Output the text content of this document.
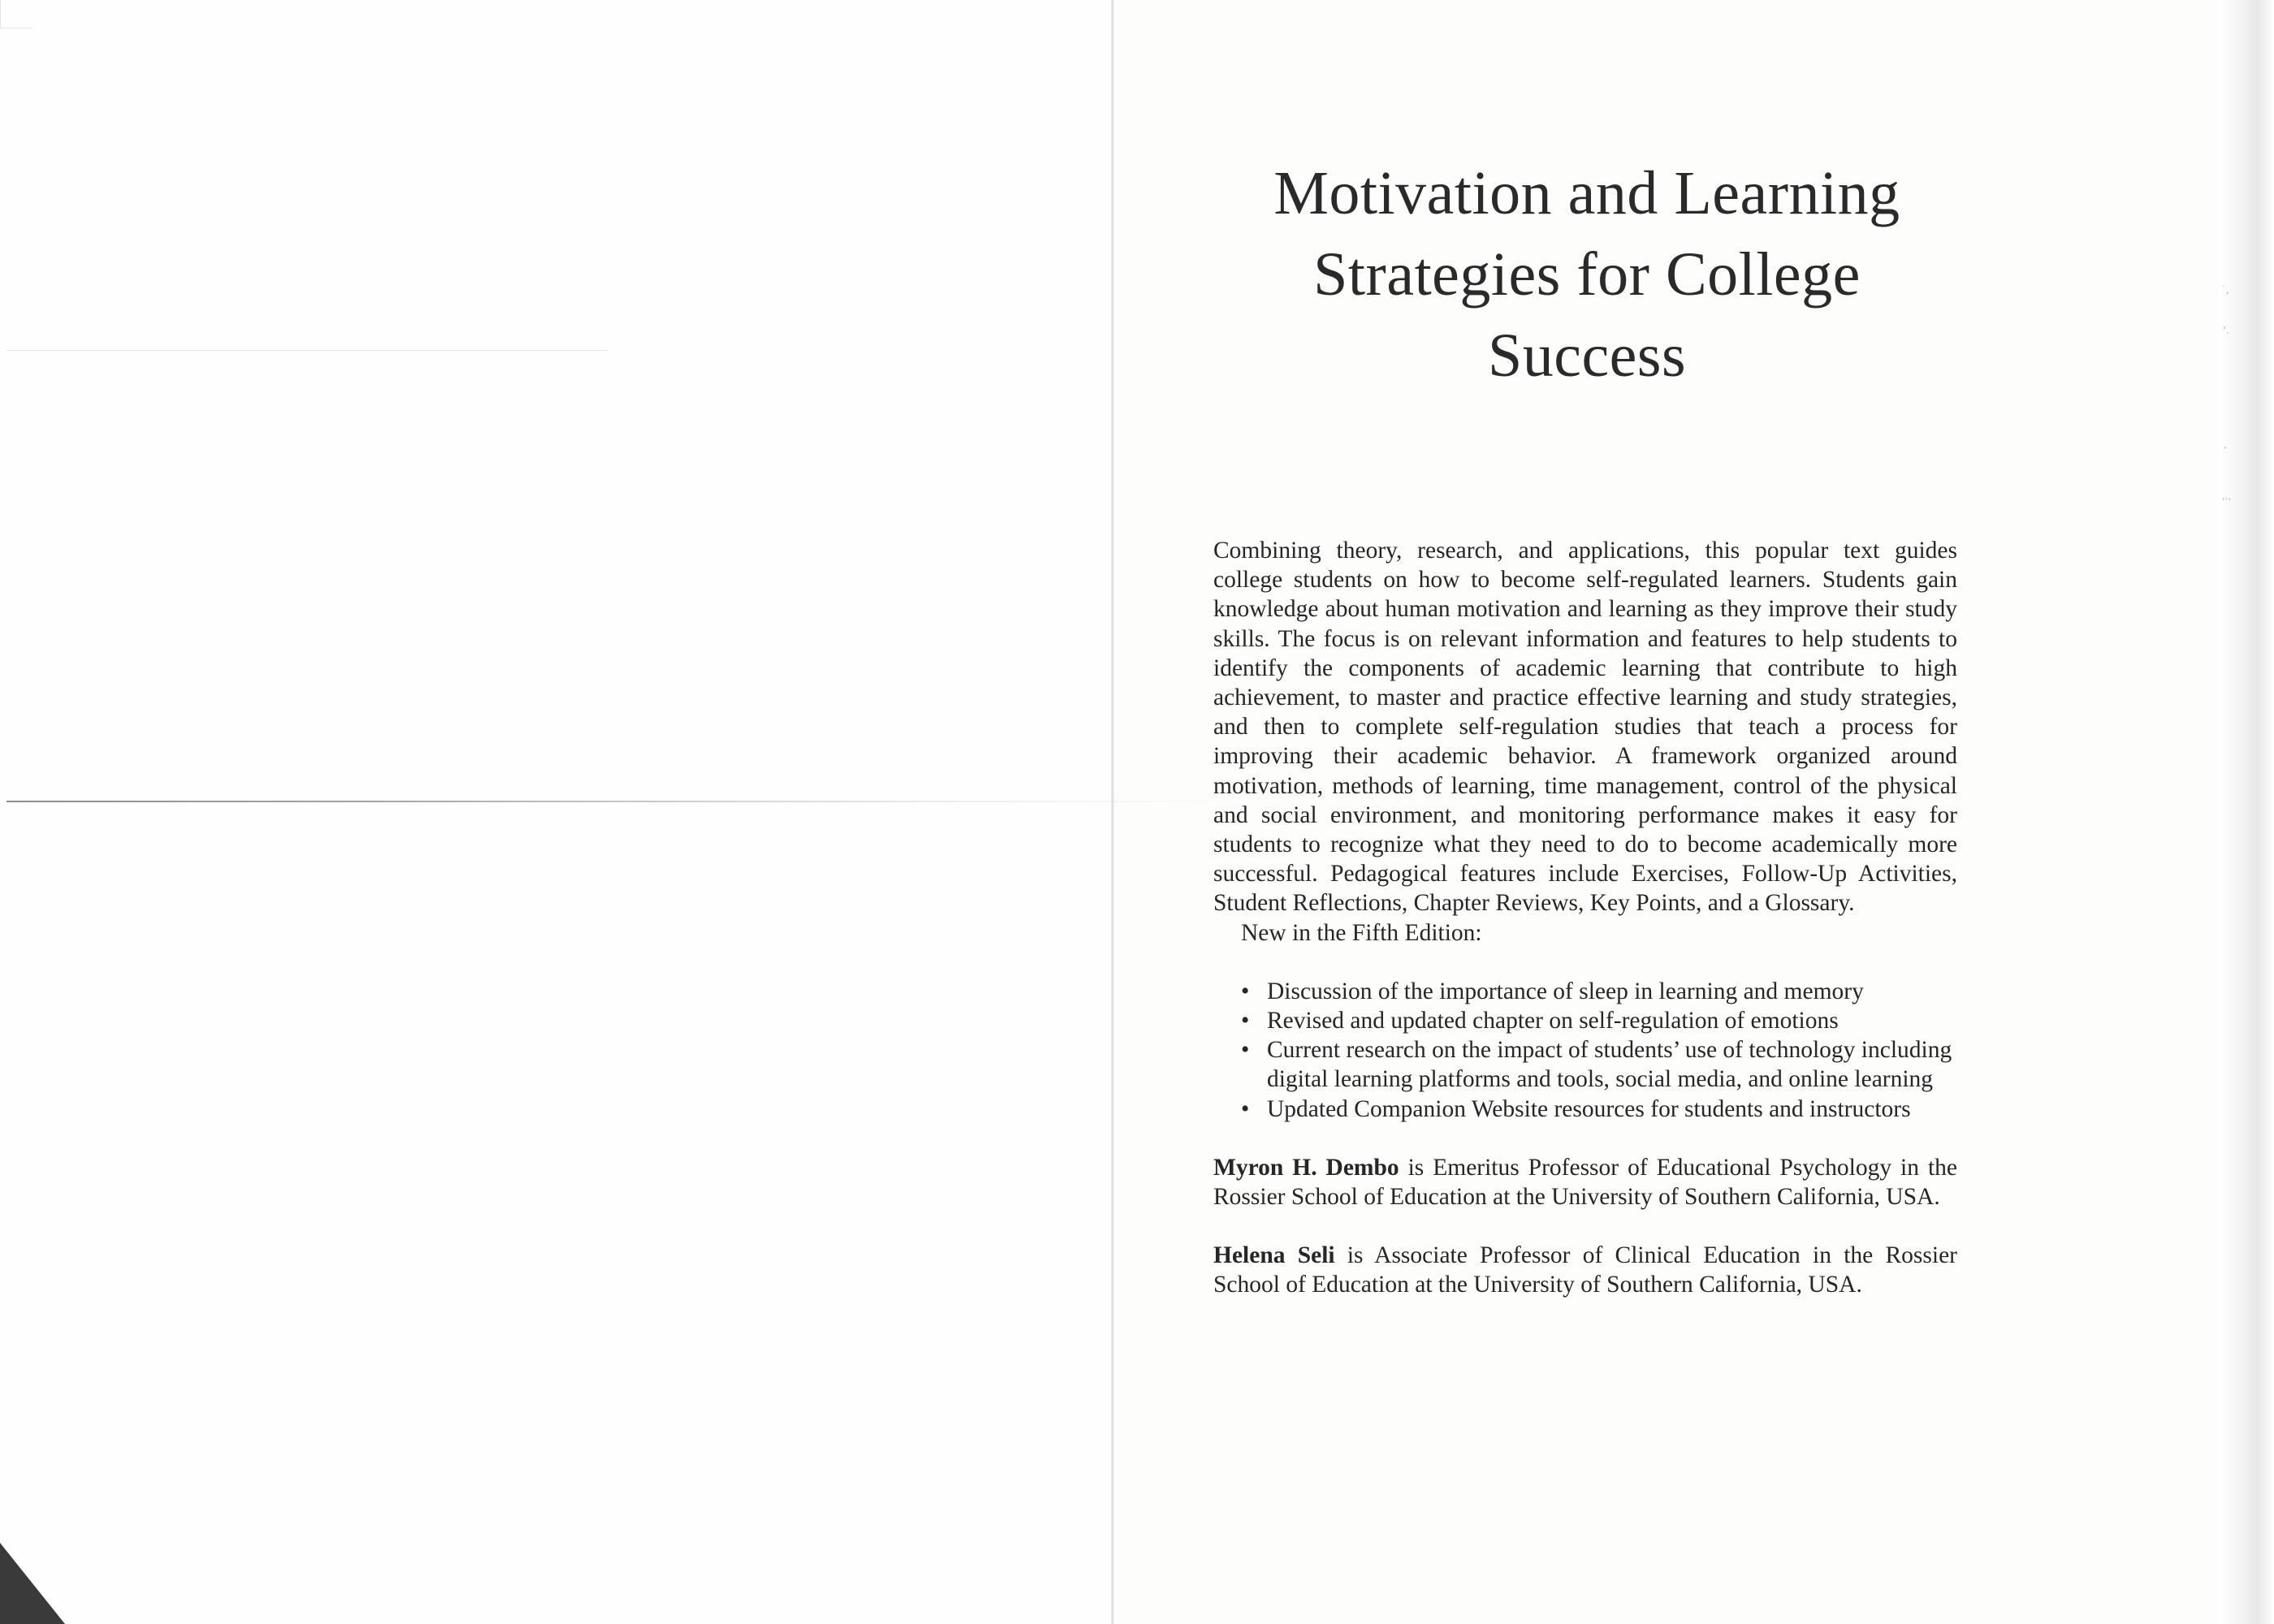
˙,
‘.
’
,.,
Motivation and Learning
Strategies for College Success

Combining theory, research, and applications, this popular text guides college students on how to become self-regulated learners. Students gain knowledge about human motivation and learning as they improve their study skills. The focus is on relevant information and features to help students to identify the components of academic learning that contribute to high achievement, to master and practice effective learning and study strategies, and then to complete self-regulation studies that teach a process for improving their academic behavior. A framework organized around motivation, methods of learning, time management, control of the physical and social environment, and monitoring performance makes it easy for students to recognize what they need to do to become academically more successful. Pedagogical features include Exercises, Follow-Up Activities, Student Reflections, Chapter Reviews, Key Points, and a Glossary.

New in the Fifth Edition:

• Discussion of the importance of sleep in learning and memory
• Revised and updated chapter on self-regulation of emotions
• Current research on the impact of students’ use of technology including digital learning platforms and tools, social media, and online learning
• Updated Companion Website resources for students and instructors

Myron H. Dembo is Emeritus Professor of Educational Psychology in the Rossier School of Education at the University of Southern California, USA.

Helena Seli is Associate Professor of Clinical Education in the Rossier School of Education at the University of Southern California, USA.
